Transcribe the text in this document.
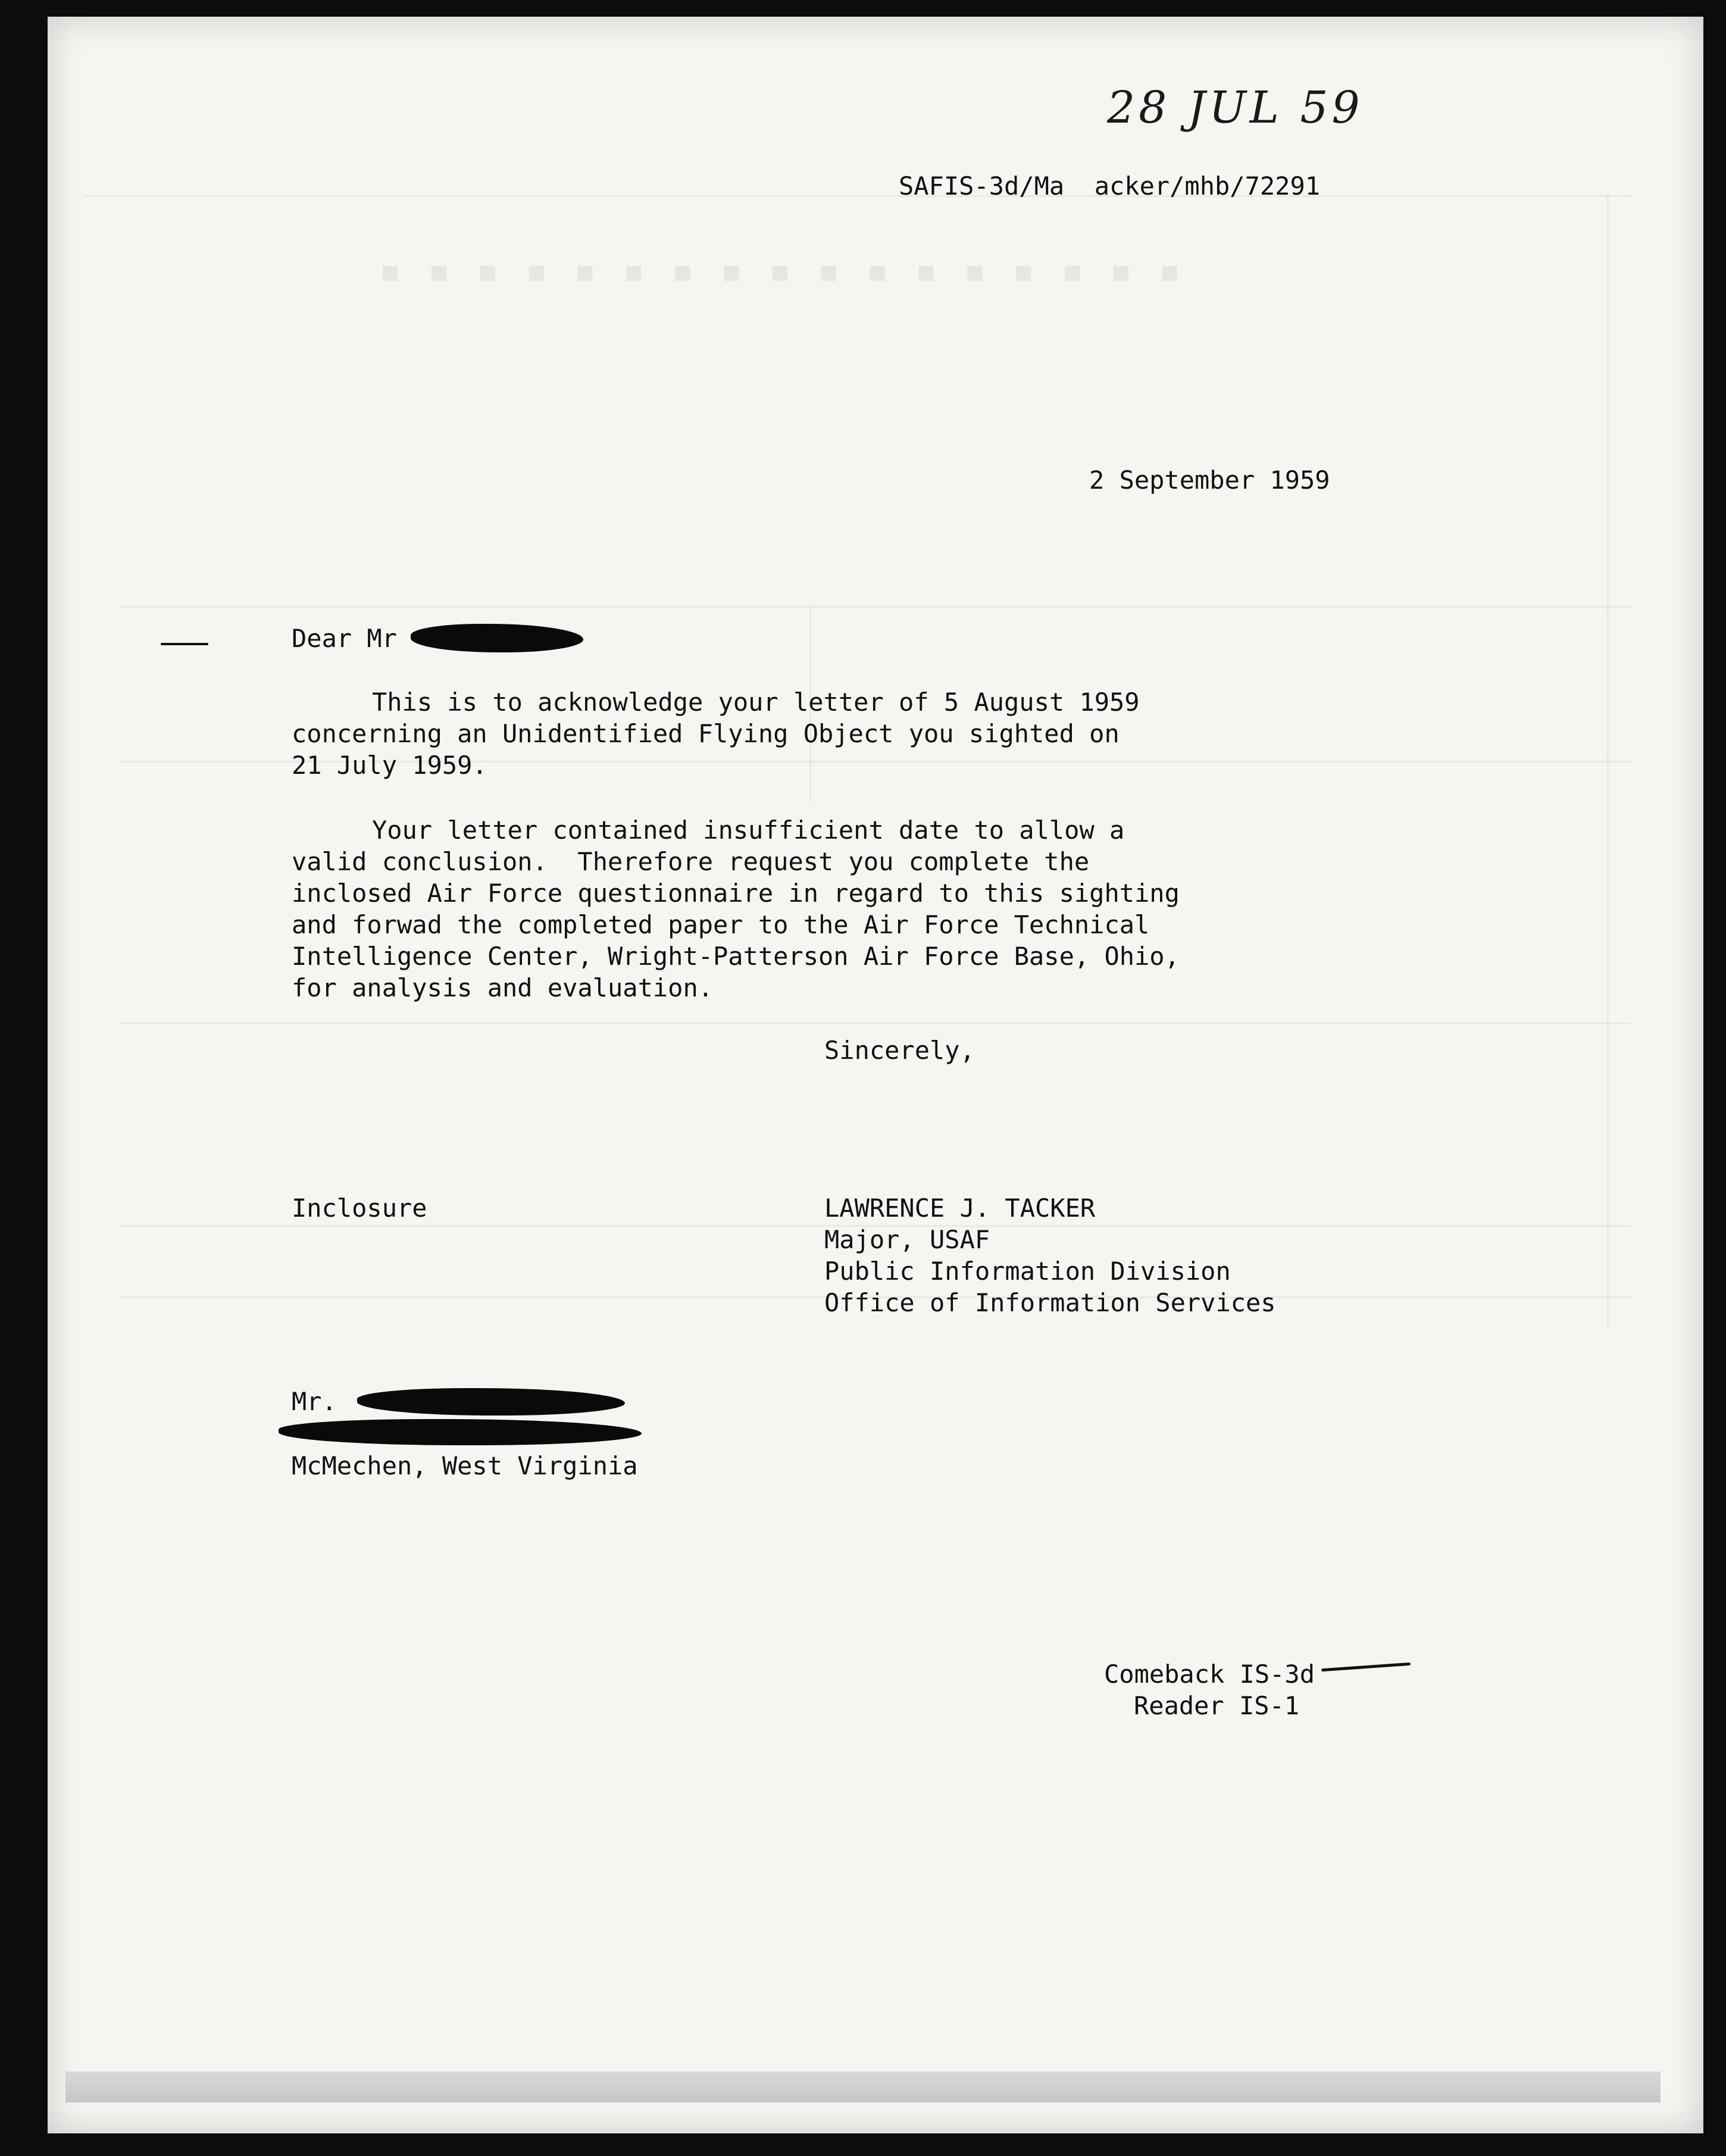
■ ■ ■ ■ ■ ■ ■ ■ ■ ■ ■ ■ ■ ■ ■ ■ ■
28 JUL 59
SAFIS-3d/Ma  acker/mhb/72291
2 September 1959
Dear Mr
This is to acknowledge your letter of 5 August 1959
concerning an Unidentified Flying Object you sighted on
21 July 1959.
Your letter contained insufficient date to allow a
valid conclusion.  Therefore request you complete the
inclosed Air Force questionnaire in regard to this sighting
and forwad the completed paper to the Air Force Technical
Intelligence Center, Wright-Patterson Air Force Base, Ohio,
for analysis and evaluation.
Sincerely,
Inclosure	LAWRENCE J. TACKER
Major, USAF
Public Information Division
Office of Information Services
Mr.
McMechen, West Virginia
Comeback IS-3d
Reader IS-1
